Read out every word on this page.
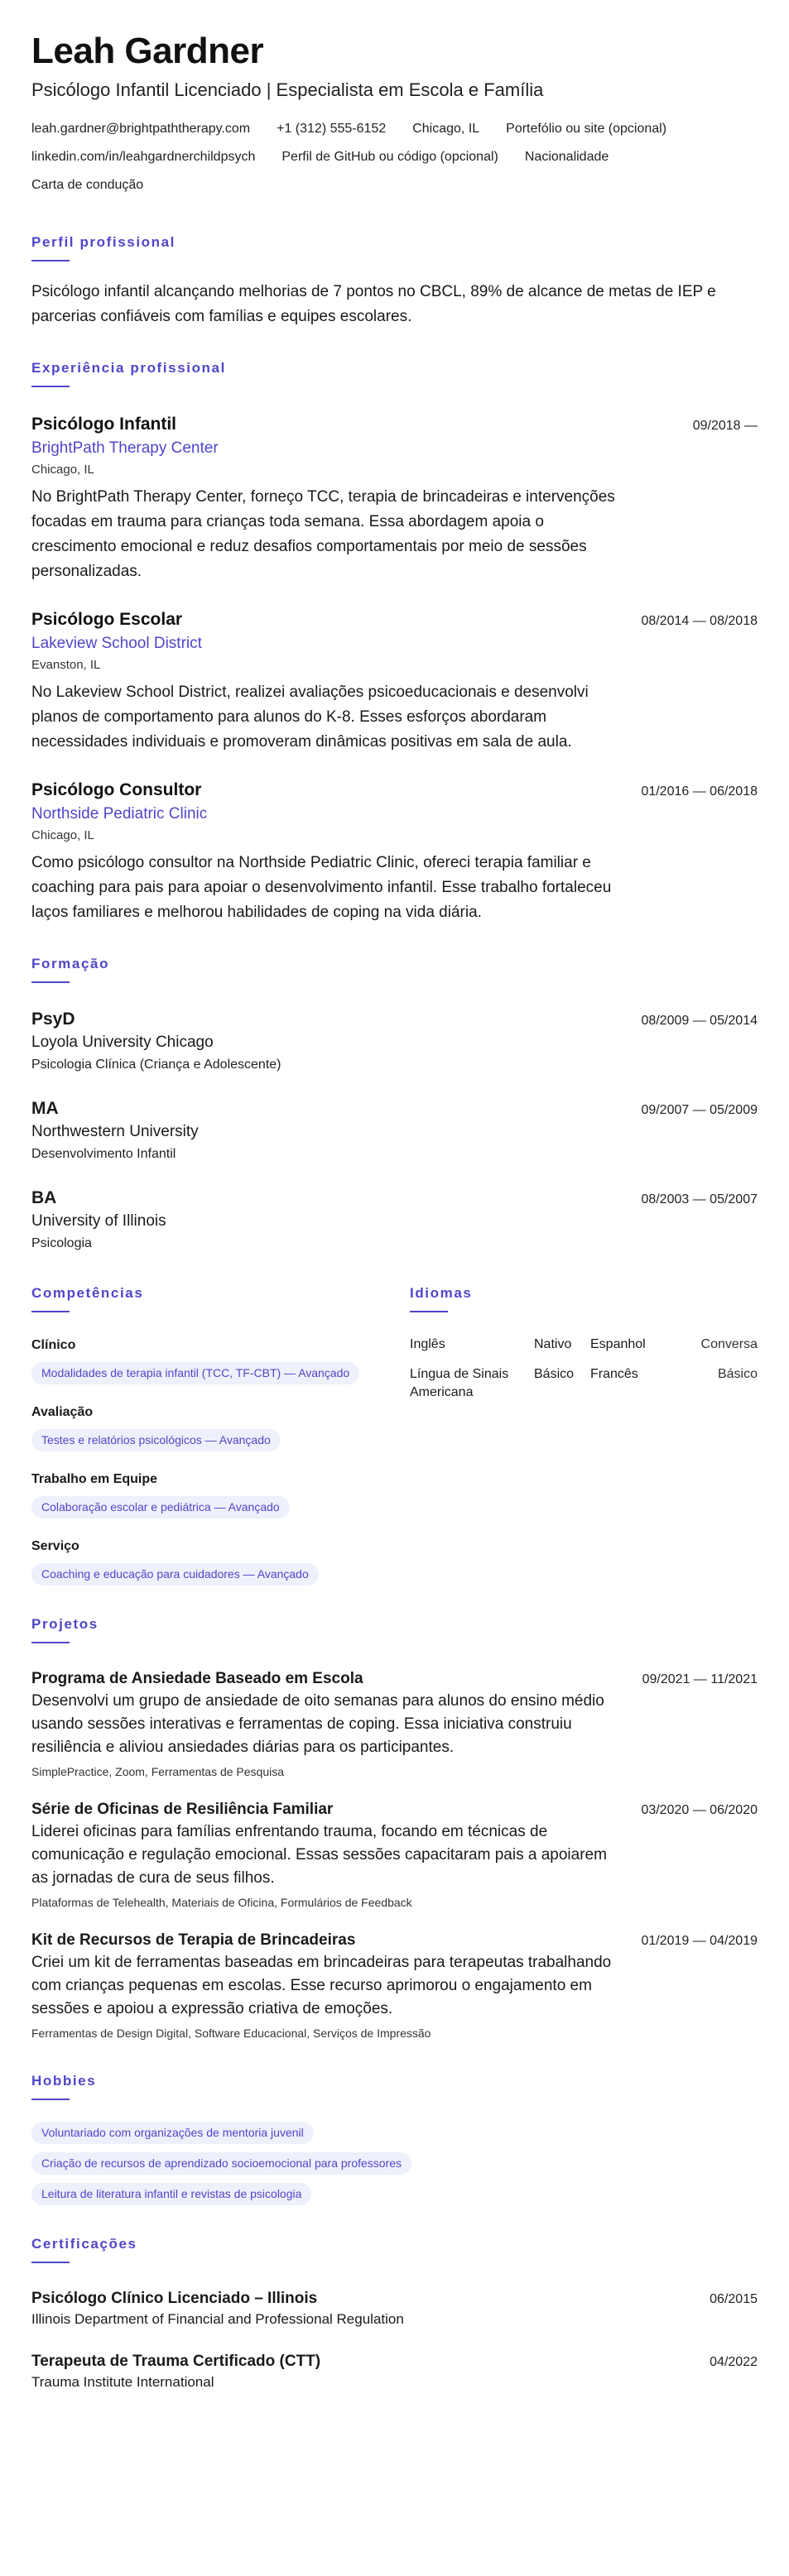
Leah Gardner
Psicólogo Infantil Licenciado | Especialista em Escola e Família
leah.gardner@brightpaththerapy.com +1 (312) 555-6152 Chicago, IL Portefólio ou site (opcional)
linkedin.com/in/leahgardnerchildpsych Perfil de GitHub ou código (opcional) Nacionalidade
Carta de condução
Perfil profissional
Psicólogo infantil alcançando melhorias de 7 pontos no CBCL, 89% de alcance de metas de IEP e parcerias confiáveis com famílias e equipes escolares.
Experiência profissional
Psicólogo Infantil	09/2018 —
BrightPath Therapy Center
Chicago, IL
No BrightPath Therapy Center, forneço TCC, terapia de brincadeiras e intervenções focadas em trauma para crianças toda semana. Essa abordagem apoia o crescimento emocional e reduz desafios comportamentais por meio de sessões personalizadas.
Psicólogo Escolar	08/2014 — 08/2018
Lakeview School District
Evanston, IL
No Lakeview School District, realizei avaliações psicoeducacionais e desenvolvi planos de comportamento para alunos do K-8. Esses esforços abordaram necessidades individuais e promoveram dinâmicas positivas em sala de aula.
Psicólogo Consultor	01/2016 — 06/2018
Northside Pediatric Clinic
Chicago, IL
Como psicólogo consultor na Northside Pediatric Clinic, ofereci terapia familiar e coaching para pais para apoiar o desenvolvimento infantil. Esse trabalho fortaleceu laços familiares e melhorou habilidades de coping na vida diária.
Formação
PsyD	08/2009 — 05/2014
Loyola University Chicago
Psicologia Clínica (Criança e Adolescente)
MA	09/2007 — 05/2009
Northwestern University
Desenvolvimento Infantil
BA	08/2003 — 05/2007
University of Illinois
Psicologia
Competências
Clínico
Modalidades de terapia infantil (TCC, TF-CBT) — Avançado
Avaliação
Testes e relatórios psicológicos — Avançado
Trabalho em Equipe
Colaboração escolar e pediátrica — Avançado
Serviço
Coaching e educação para cuidadores — Avançado
Idiomas
Inglês	Nativo	Espanhol	Conversa
Língua de Sinais Americana	Básico	Francês	Básico
Projetos
Programa de Ansiedade Baseado em Escola	09/2021 — 11/2021
Desenvolvi um grupo de ansiedade de oito semanas para alunos do ensino médio usando sessões interativas e ferramentas de coping. Essa iniciativa construiu resiliência e aliviou ansiedades diárias para os participantes.
SimplePractice, Zoom, Ferramentas de Pesquisa
Série de Oficinas de Resiliência Familiar	03/2020 — 06/2020
Liderei oficinas para famílias enfrentando trauma, focando em técnicas de comunicação e regulação emocional. Essas sessões capacitaram pais a apoiarem as jornadas de cura de seus filhos.
Plataformas de Telehealth, Materiais de Oficina, Formulários de Feedback
Kit de Recursos de Terapia de Brincadeiras	01/2019 — 04/2019
Criei um kit de ferramentas baseadas em brincadeiras para terapeutas trabalhando com crianças pequenas em escolas. Esse recurso aprimorou o engajamento em sessões e apoiou a expressão criativa de emoções.
Ferramentas de Design Digital, Software Educacional, Serviços de Impressão
Hobbies
Voluntariado com organizações de mentoria juvenil
Criação de recursos de aprendizado socioemocional para professores
Leitura de literatura infantil e revistas de psicologia
Certificações
Psicólogo Clínico Licenciado – Illinois	06/2015
Illinois Department of Financial and Professional Regulation
Terapeuta de Trauma Certificado (CTT)	04/2022
Trauma Institute International
